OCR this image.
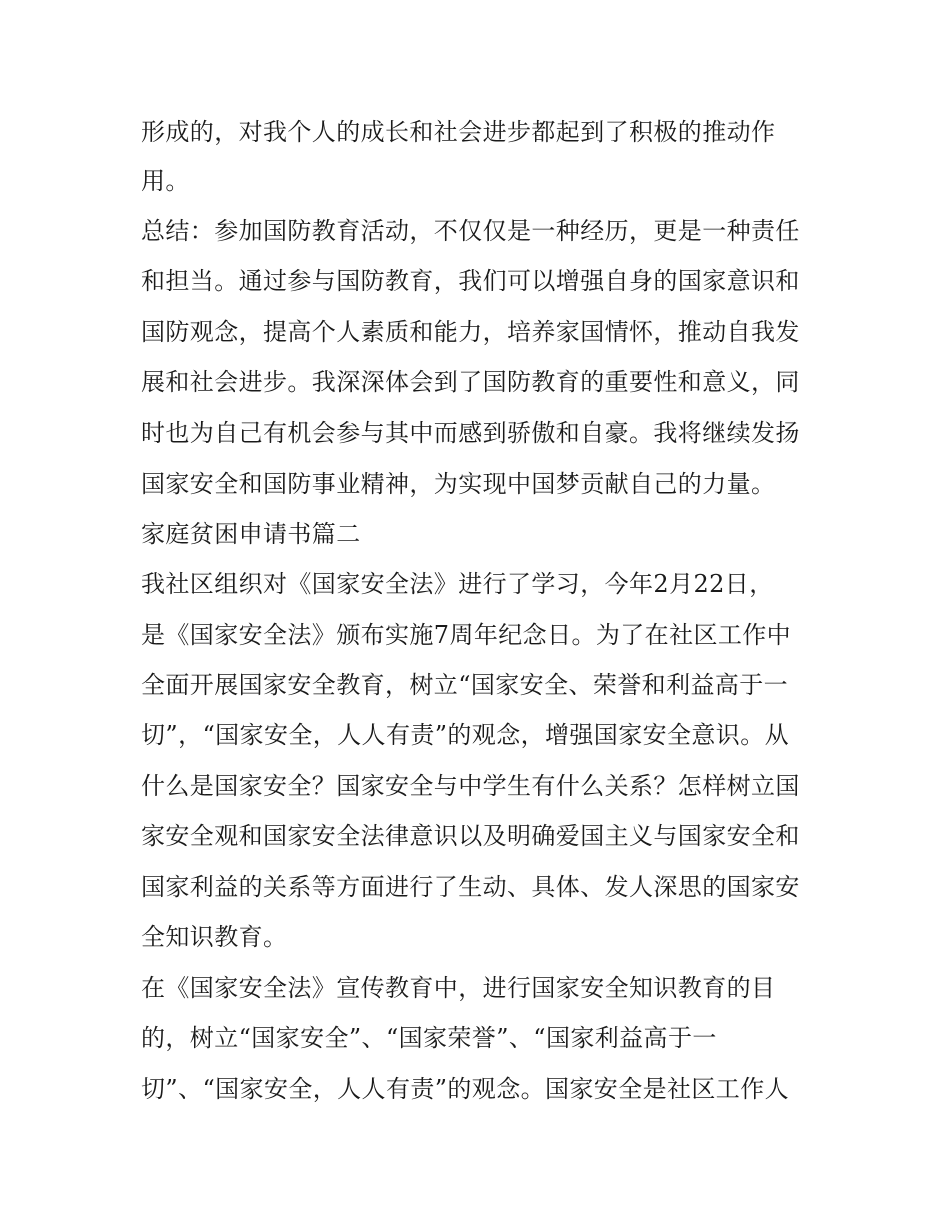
形成的，对我个人的成长和社会进步都起到了积极的推动作
用。
总结：参加国防教育活动，不仅仅是一种经历，更是一种责任
和担当。通过参与国防教育，我们可以增强自身的国家意识和
国防观念，提高个人素质和能力，培养家国情怀，推动自我发
展和社会进步。我深深体会到了国防教育的重要性和意义，同
时也为自己有机会参与其中而感到骄傲和自豪。我将继续发扬
国家安全和国防事业精神，为实现中国梦贡献自己的力量。
家庭贫困申请书篇二
我社区组织对《国家安全法》进行了学习，今年2月22日，
是《国家安全法》颁布实施7周年纪念日。为了在社区工作中
全面开展国家安全教育，树立“国家安全、荣誉和利益高于一
切”，“国家安全，人人有责”的观念，增强国家安全意识。从
什么是国家安全？国家安全与中学生有什么关系？怎样树立国
家安全观和国家安全法律意识以及明确爱国主义与国家安全和
国家利益的关系等方面进行了生动、具体、发人深思的国家安
全知识教育。
在《国家安全法》宣传教育中，进行国家安全知识教育的目
的，树立“国家安全”、“国家荣誉”、“国家利益高于一
切”、“国家安全，人人有责”的观念。国家安全是社区工作人
